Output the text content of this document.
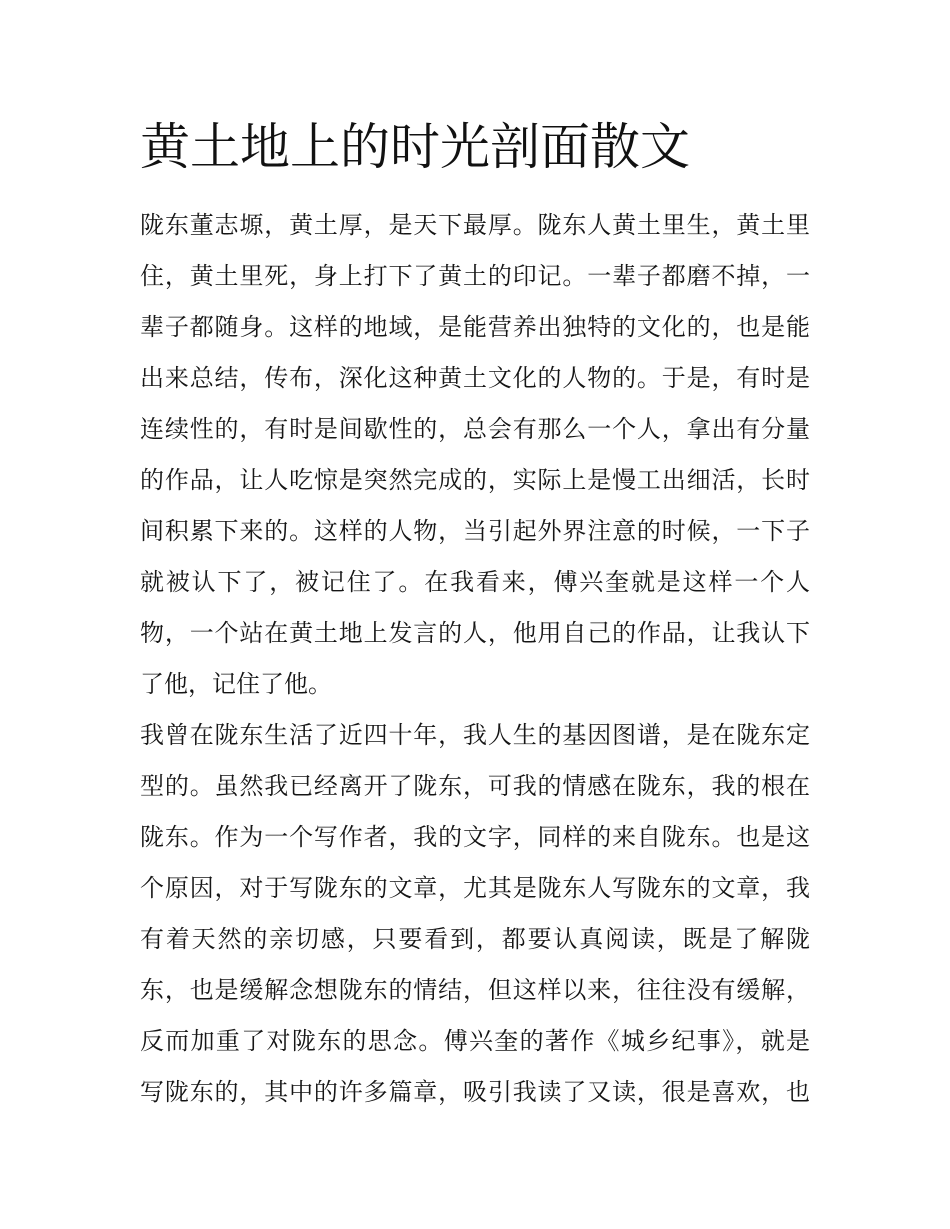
黄土地上的时光剖面散文
陇东董志塬，黄土厚，是天下最厚。陇东人黄土里生，黄土里
住，黄土里死，身上打下了黄土的印记。一辈子都磨不掉，一
辈子都随身。这样的地域，是能营养出独特的文化的，也是能
出来总结，传布，深化这种黄土文化的人物的。于是，有时是
连续性的，有时是间歇性的，总会有那么一个人，拿出有分量
的作品，让人吃惊是突然完成的，实际上是慢工出细活，长时
间积累下来的。这样的人物，当引起外界注意的时候，一下子
就被认下了，被记住了。在我看来，傅兴奎就是这样一个人
物，一个站在黄土地上发言的人，他用自己的作品，让我认下
了他，记住了他。
我曾在陇东生活了近四十年，我人生的基因图谱，是在陇东定
型的。虽然我已经离开了陇东，可我的情感在陇东，我的根在
陇东。作为一个写作者，我的文字，同样的来自陇东。也是这
个原因，对于写陇东的文章，尤其是陇东人写陇东的文章，我
有着天然的亲切感，只要看到，都要认真阅读，既是了解陇
东，也是缓解念想陇东的情结，但这样以来，往往没有缓解，
反而加重了对陇东的思念。傅兴奎的著作《城乡纪事》，就是
写陇东的，其中的许多篇章，吸引我读了又读，很是喜欢，也
